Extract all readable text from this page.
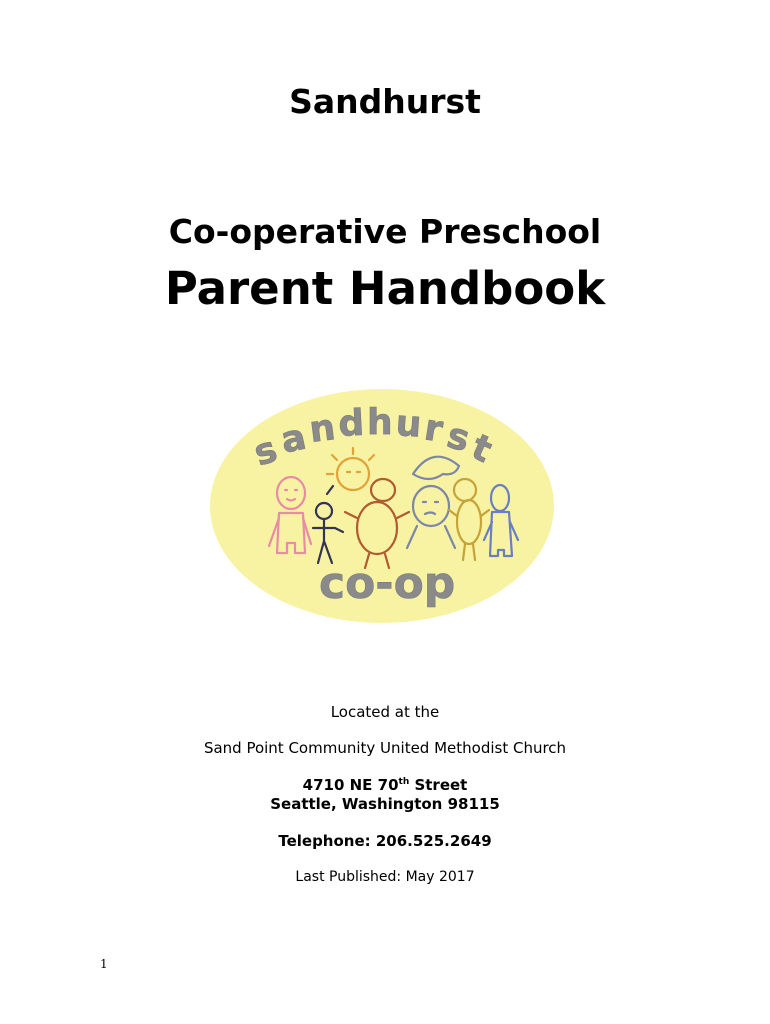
Sandhurst
Co-operative Preschool
Parent Handbook
s
a
n d h u
r
s
t
co-op
Located at the
Sand Point Community United Methodist Church
4710 NE 70th Street
Seattle, Washington 98115
Telephone: 206.525.2649
Last Published: May 2017
1
